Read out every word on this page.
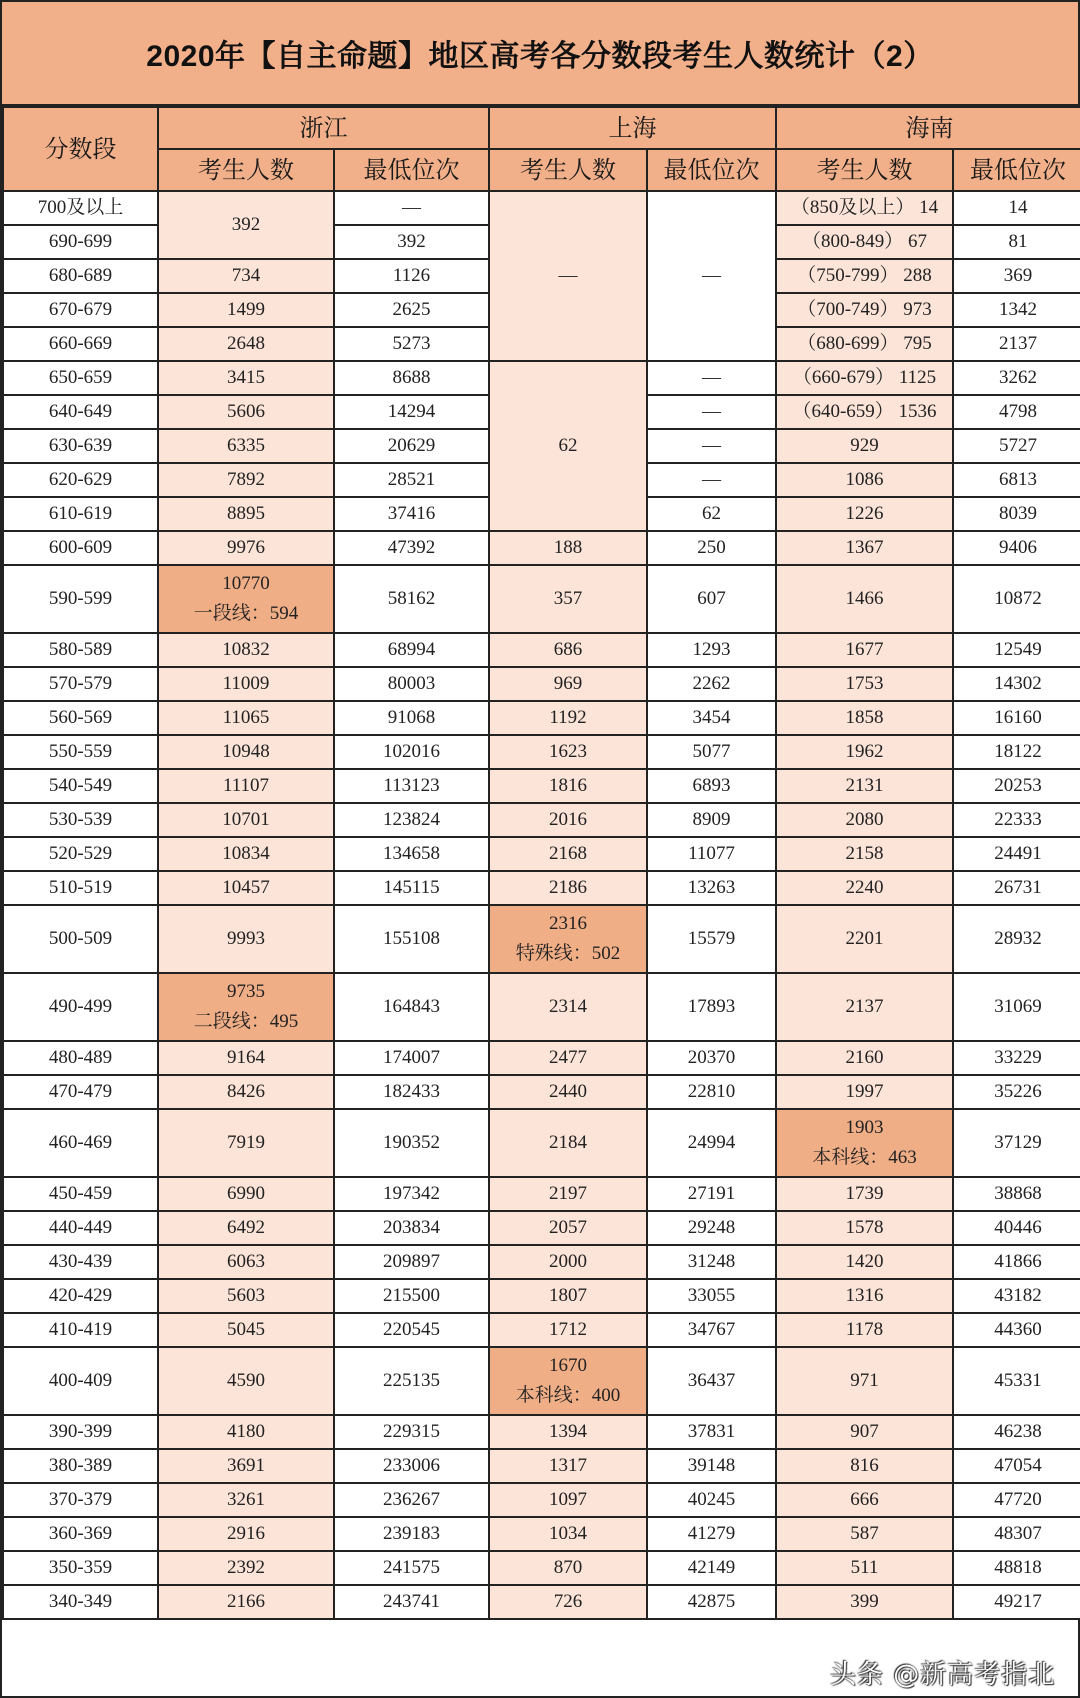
2020年【自主命题】地区高考各分数段考生人数统计（2）
分数段	浙江		上海		海南	
	考生人数	最低位次	考生人数	最低位次	考生人数	最低位次

700及以上	392	—	—	—	（850及以上） 14	14

690-699		392			（800-849） 67	81

680-689	734	1126			（750-799） 288	369

670-679	1499	2625			（700-749） 973	1342

660-669	2648	5273			（680-699） 795	2137

650-659	3415	8688	62	—	（660-679） 1125	3262

640-649	5606	14294		—	（640-659） 1536	4798

630-639	6335	20629		—	929	5727

620-629	7892	28521		—	1086	6813

610-619	8895	37416		62	1226	8039

600-609	9976	47392	188	250	1367	9406

590-599	10770
一段线：594	58162	357	607	1466	10872

580-589	10832	68994	686	1293	1677	12549

570-579	11009	80003	969	2262	1753	14302

560-569	11065	91068	1192	3454	1858	16160

550-559	10948	102016	1623	5077	1962	18122

540-549	11107	113123	1816	6893	2131	20253

530-539	10701	123824	2016	8909	2080	22333

520-529	10834	134658	2168	11077	2158	24491

510-519	10457	145115	2186	13263	2240	26731

500-509	9993	155108	2316
特殊线：502	15579	2201	28932

490-499	9735
二段线：495	164843	2314	17893	2137	31069

480-489	9164	174007	2477	20370	2160	33229

470-479	8426	182433	2440	22810	1997	35226

460-469	7919	190352	2184	24994	1903
本科线：463	37129

450-459	6990	197342	2197	27191	1739	38868

440-449	6492	203834	2057	29248	1578	40446

430-439	6063	209897	2000	31248	1420	41866

420-429	5603	215500	1807	33055	1316	43182

410-419	5045	220545	1712	34767	1178	44360

400-409	4590	225135	1670
本科线：400	36437	971	45331

390-399	4180	229315	1394	37831	907	46238

380-389	3691	233006	1317	39148	816	47054

370-379	3261	236267	1097	40245	666	47720

360-369	2916	239183	1034	41279	587	48307

350-359	2392	241575	870	42149	511	48818

340-349	2166	243741	726	42875	399	49217
头条 @新高考指北
